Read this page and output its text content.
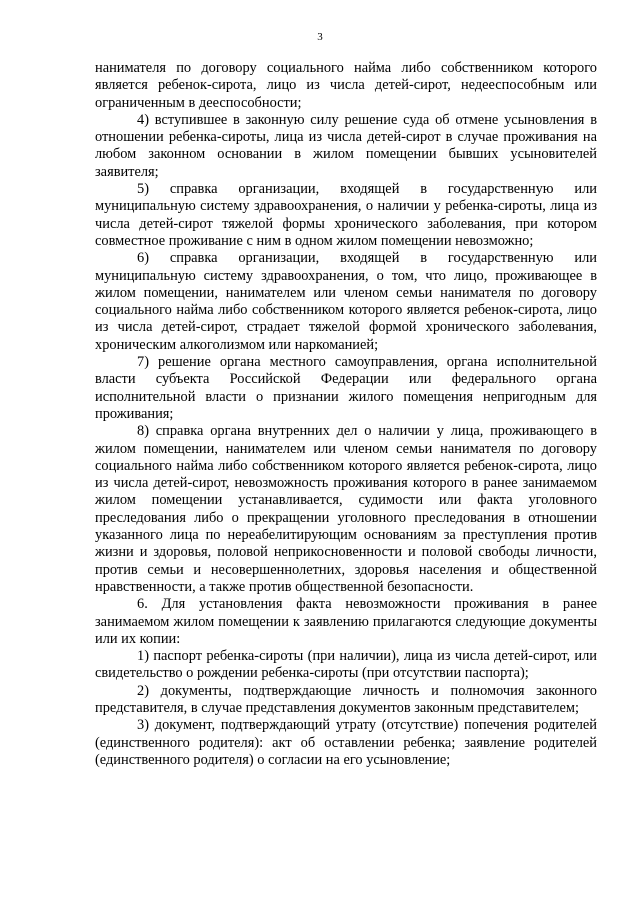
3

нанимателя по договору социального найма либо собственником которого является ребенок-сирота, лицо из числа детей-сирот, недееспособным или ограниченным в дееспособности;

4) вступившее в законную силу решение суда об отмене усыновления в отношении ребенка-сироты, лица из числа детей-сирот в случае проживания на любом законном основании в жилом помещении бывших усыновителей заявителя;

5) справка организации, входящей в государственную или муниципальную систему здравоохранения, о наличии у ребенка-сироты, лица из числа детей-сирот тяжелой формы хронического заболевания, при котором совместное проживание с ним в одном жилом помещении невозможно;

6) справка организации, входящей в государственную или муниципальную систему здравоохранения, о том, что лицо, проживающее в жилом помещении, нанимателем или членом семьи нанимателя по договору социального найма либо собственником которого является ребенок-сирота, лицо из числа детей-сирот, страдает тяжелой формой хронического заболевания, хроническим алкоголизмом или наркоманией;

7) решение органа местного самоуправления, органа исполнительной власти субъекта Российской Федерации или федерального органа исполнительной власти о признании жилого помещения непригодным для проживания;

8) справка органа внутренних дел о наличии у лица, проживающего в жилом помещении, нанимателем или членом семьи нанимателя по договору социального найма либо собственником которого является ребенок-сирота, лицо из числа детей-сирот, невозможность проживания которого в ранее занимаемом жилом помещении устанавливается, судимости или факта уголовного преследования либо о прекращении уголовного преследования в отношении указанного лица по нереабелитирующим основаниям за преступления против жизни и здоровья, половой неприкосновенности и половой свободы личности, против семьи и несовершеннолетних, здоровья населения и общественной нравственности, а также против общественной безопасности.

6. Для установления факта невозможности проживания в ранее занимаемом жилом помещении к заявлению прилагаются следующие документы или их копии:

1) паспорт ребенка-сироты (при наличии), лица из числа детей-сирот, или свидетельство о рождении ребенка-сироты (при отсутствии паспорта);

2) документы, подтверждающие личность и полномочия законного представителя, в случае представления документов законным представителем;

3) документ, подтверждающий утрату (отсутствие) попечения родителей (единственного родителя): акт об оставлении ребенка; заявление родителей (единственного родителя) о согласии на его усыновление;
